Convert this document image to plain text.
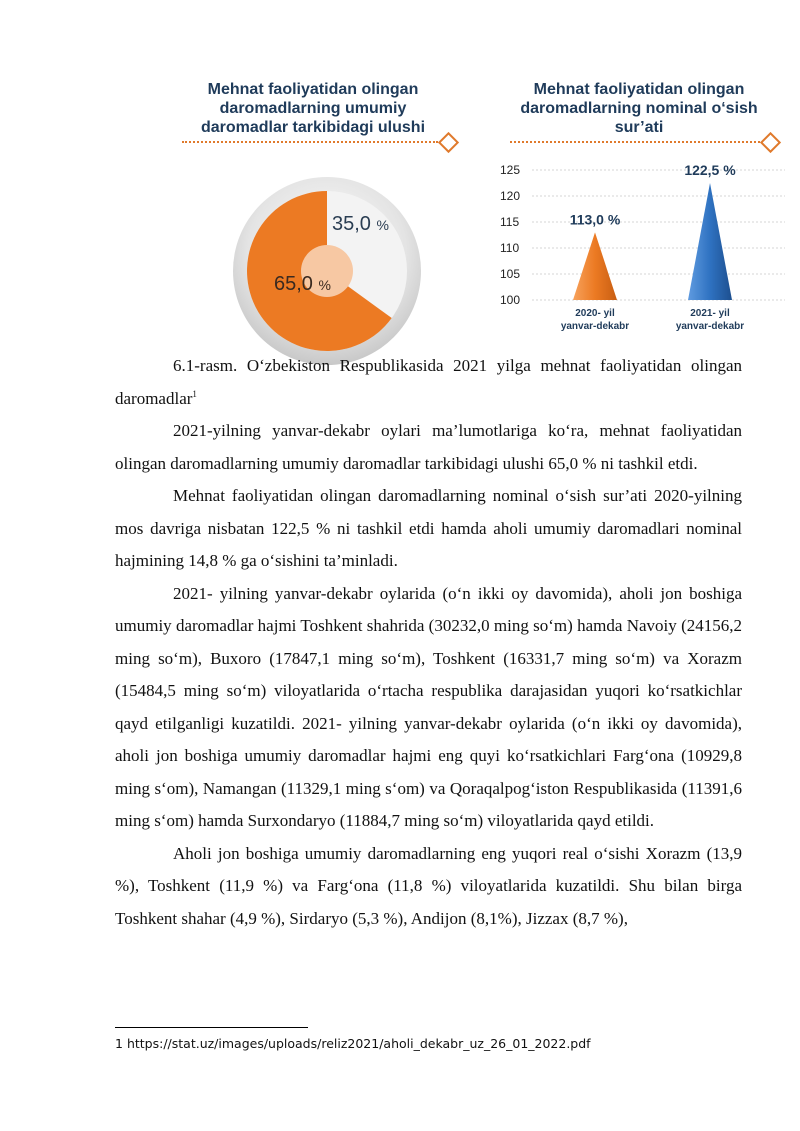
Mehnat faoliyatidan olingan
daromadlarning umumiy
daromadlar tarkibidagi ulushi
35,0 %
65,0 %
Mehnat faoliyatidan olingan
daromadlarning nominal o‘sish
sur’ati
125
120
115
110
105
100
113,0 %
2020- yil
yanvar-dekabr
122,5 %
2021- yil
yanvar-dekabr

6.1-rasm. O‘zbekiston Respublikasida 2021 yilga mehnat faoliyatidan olingan daromadlar$^1$

2021-yilning yanvar-dekabr oylari ma’lumotlariga ko‘ra, mehnat faoliyatidan olingan daromadlarning umumiy daromadlar tarkibidagi ulushi 65,0 % ni tashkil etdi.

Mehnat faoliyatidan olingan daromadlarning nominal o‘sish sur’ati 2020-yilning mos davriga nisbatan 122,5 % ni tashkil etdi hamda aholi umumiy daromadlari nominal hajmining 14,8 % ga o‘sishini ta’minladi.

2021- yilning yanvar-dekabr oylarida (o‘n ikki oy davomida), aholi jon boshiga umumiy daromadlar hajmi Toshkent shahrida (30232,0 ming so‘m) hamda Navoiy (24156,2 ming so‘m), Buxoro (17847,1 ming so‘m), Toshkent (16331,7 ming so‘m) va Xorazm (15484,5 ming so‘m) viloyatlarida o‘rtacha respublika darajasidan yuqori ko‘rsatkichlar qayd etilganligi kuzatildi. 2021- yilning yanvar-dekabr oylarida (o‘n ikki oy davomida), aholi jon boshiga umumiy daromadlar hajmi eng quyi ko‘rsatkichlari Farg‘ona (10929,8 ming s‘om), Namangan (11329,1 ming s‘om) va Qoraqalpog‘iston Respublikasida (11391,6 ming s‘om) hamda Surxondaryo (11884,7 ming so‘m) viloyatlarida qayd etildi.

Aholi jon boshiga umumiy daromadlarning eng yuqori real o‘sishi Xorazm (13,9 %), Toshkent (11,9 %) va Farg‘ona (11,8 %) viloyatlarida kuzatildi. Shu bilan birga Toshkent shahar (4,9 %), Sirdaryo (5,3 %), Andijon (8,1%), Jizzax (8,7 %),

1 https://stat.uz/images/uploads/reliz2021/aholi_dekabr_uz_26_01_2022.pdf
